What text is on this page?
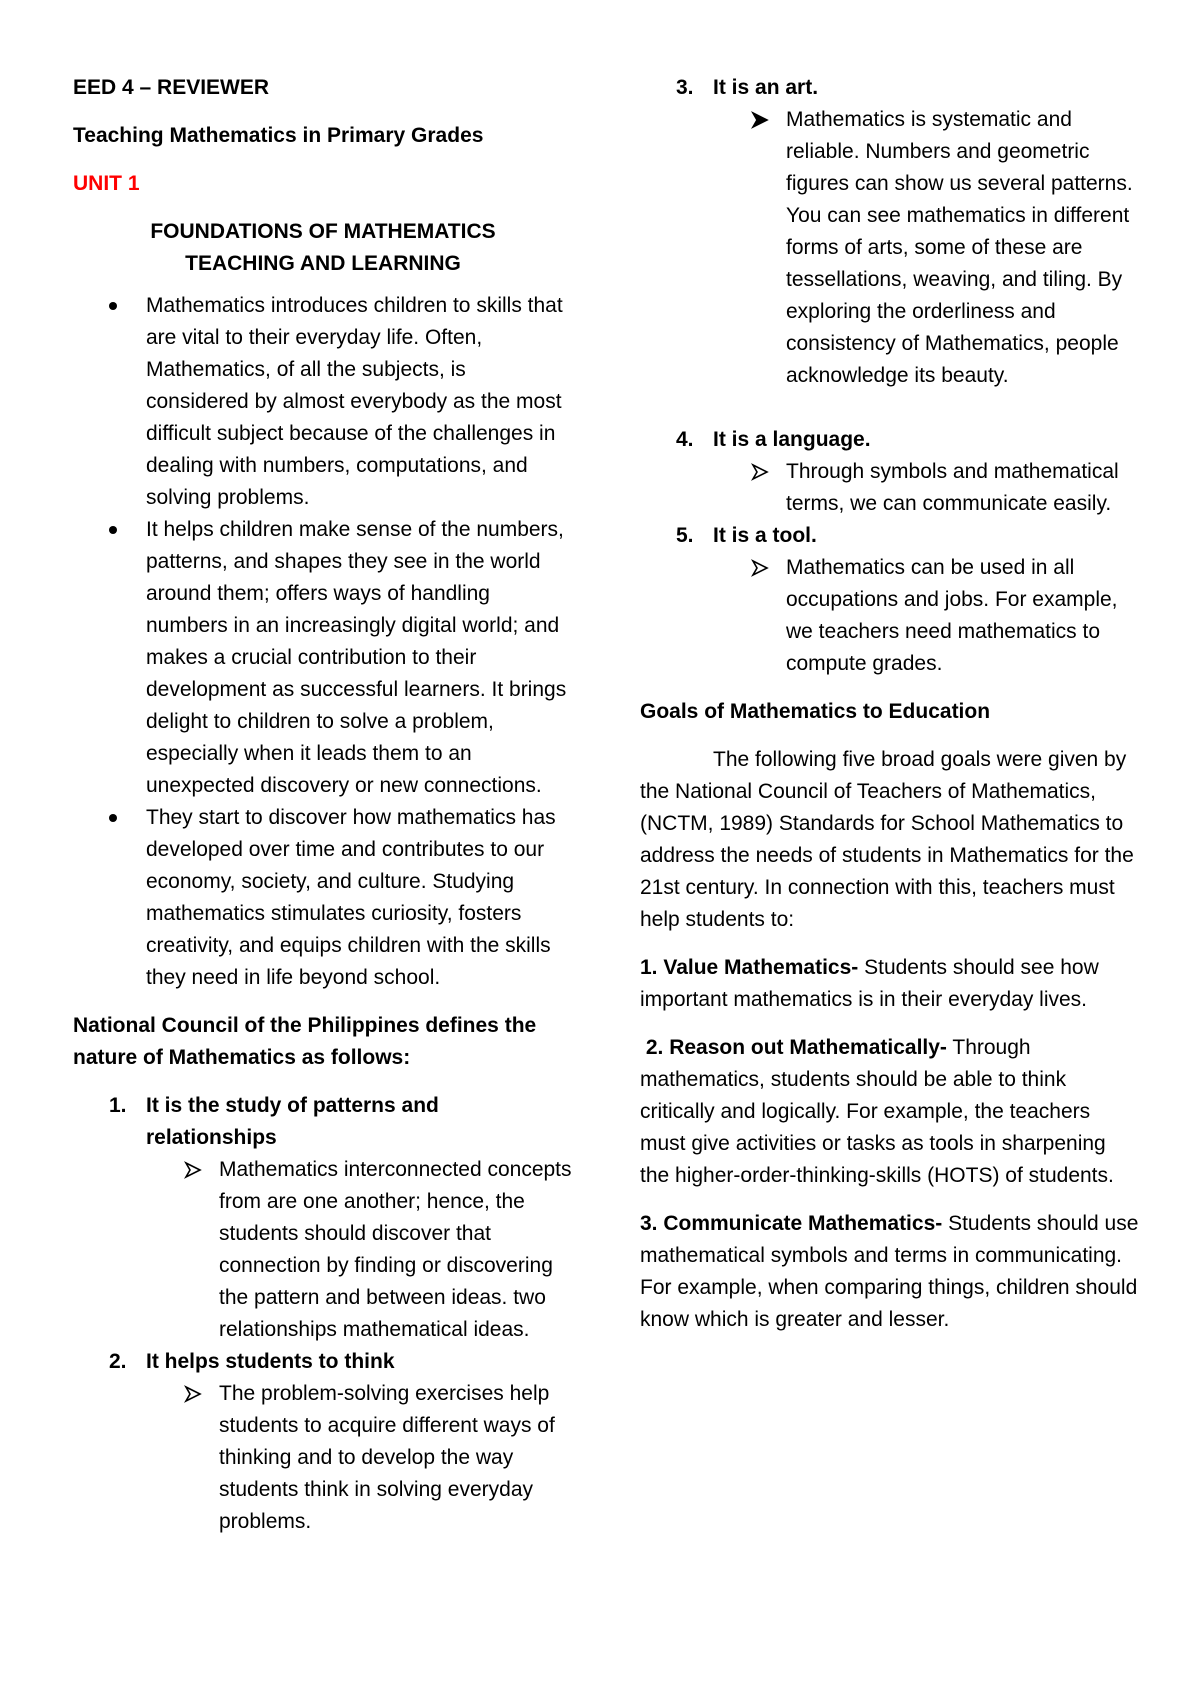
EED 4 – REVIEWER

Teaching Mathematics in Primary Grades

UNIT 1

FOUNDATIONS OF MATHEMATICS TEACHING AND LEARNING

Mathematics introduces children to skills that are vital to their everyday life. Often, Mathematics, of all the subjects, is considered by almost everybody as the most difficult subject because of the challenges in dealing with numbers, computations, and solving problems.
It helps children make sense of the numbers, patterns, and shapes they see in the world around them; offers ways of handling numbers in an increasingly digital world; and makes a crucial contribution to their development as successful learners. It brings delight to children to solve a problem, especially when it leads them to an unexpected discovery or new connections.
They start to discover how mathematics has developed over time and contributes to our economy, society, and culture. Studying mathematics stimulates curiosity, fosters creativity, and equips children with the skills they need in life beyond school.

National Council of the Philippines defines the nature of Mathematics as follows:

1. It is the study of patterns and relationships
Mathematics interconnected concepts from are one another; hence, the students should discover that connection by finding or discovering the pattern and between ideas. two relationships mathematical ideas.
2. It helps students to think
The problem-solving exercises help students to acquire different ways of thinking and to develop the way students think in solving everyday problems.
3. It is an art.
Mathematics is systematic and reliable. Numbers and geometric figures can show us several patterns. You can see mathematics in different forms of arts, some of these are tessellations, weaving, and tiling. By exploring the orderliness and consistency of Mathematics, people acknowledge its beauty.
4. It is a language.
Through symbols and mathematical terms, we can communicate easily.
5. It is a tool.
Mathematics can be used in all occupations and jobs. For example, we teachers need mathematics to compute grades.

Goals of Mathematics to Education

The following five broad goals were given by the National Council of Teachers of Mathematics, (NCTM, 1989) Standards for School Mathematics to address the needs of students in Mathematics for the 21st century. In connection with this, teachers must help students to:

1. Value Mathematics- Students should see how important mathematics is in their everyday lives.

2. Reason out Mathematically- Through mathematics, students should be able to think critically and logically. For example, the teachers must give activities or tasks as tools in sharpening the higher-order-thinking-skills (HOTS) of students.

3. Communicate Mathematics- Students should use mathematical symbols and terms in communicating. For example, when comparing things, children should know which is greater and lesser.
